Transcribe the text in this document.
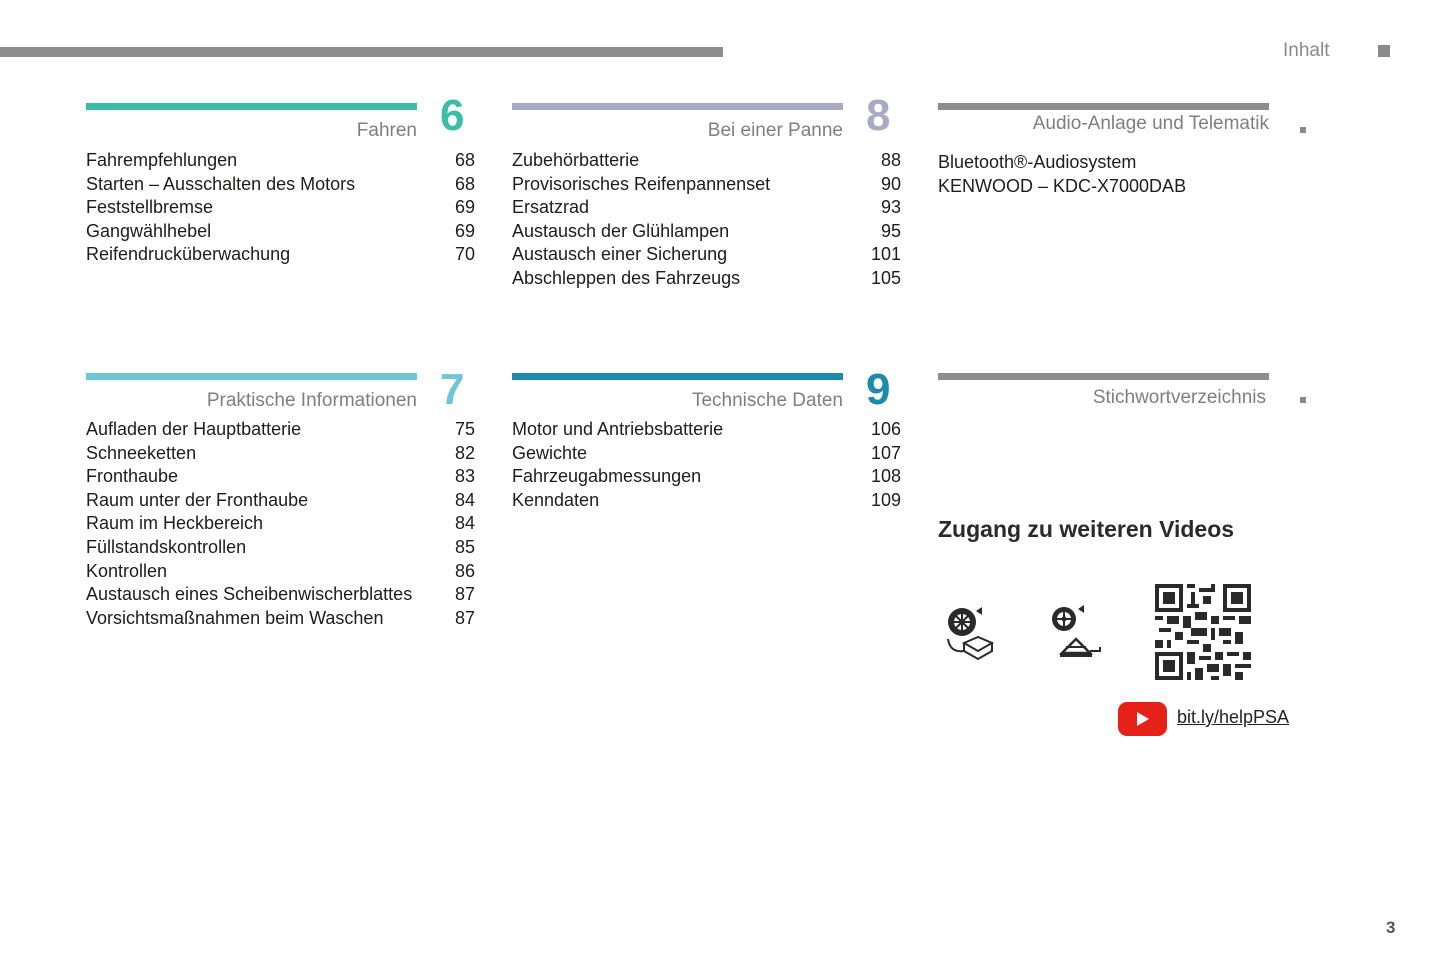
Inhalt
Fahren 6
Fahrempfehlungen	68
Starten – Ausschalten des Motors	68
Feststellbremse	69
Gangwählhebel	69
Reifendrucküberwachung	70
Bei einer Panne 8
Zubehörbatterie	88
Provisorisches Reifenpannenset	90
Ersatzrad	93
Austausch der Glühlampen	95
Austausch einer Sicherung	101
Abschleppen des Fahrzeugs	105
Audio-Anlage und Telematik
Bluetooth®-Audiosystem
KENWOOD – KDC-X7000DAB
Praktische Informationen 7
Aufladen der Hauptbatterie	75
Schneeketten	82
Fronthaube	83
Raum unter der Fronthaube	84
Raum im Heckbereich	84
Füllstandskontrollen	85
Kontrollen	86
Austausch eines Scheibenwischerblattes 87
Vorsichtsmaßnahmen beim Waschen	87
Technische Daten 9
Motor und Antriebsbatterie	106
Gewichte	107
Fahrzeugabmessungen	108
Kenndaten	109
Stichwortverzeichnis
Zugang zu weiteren Videos
bit.ly/helpPSA
3
